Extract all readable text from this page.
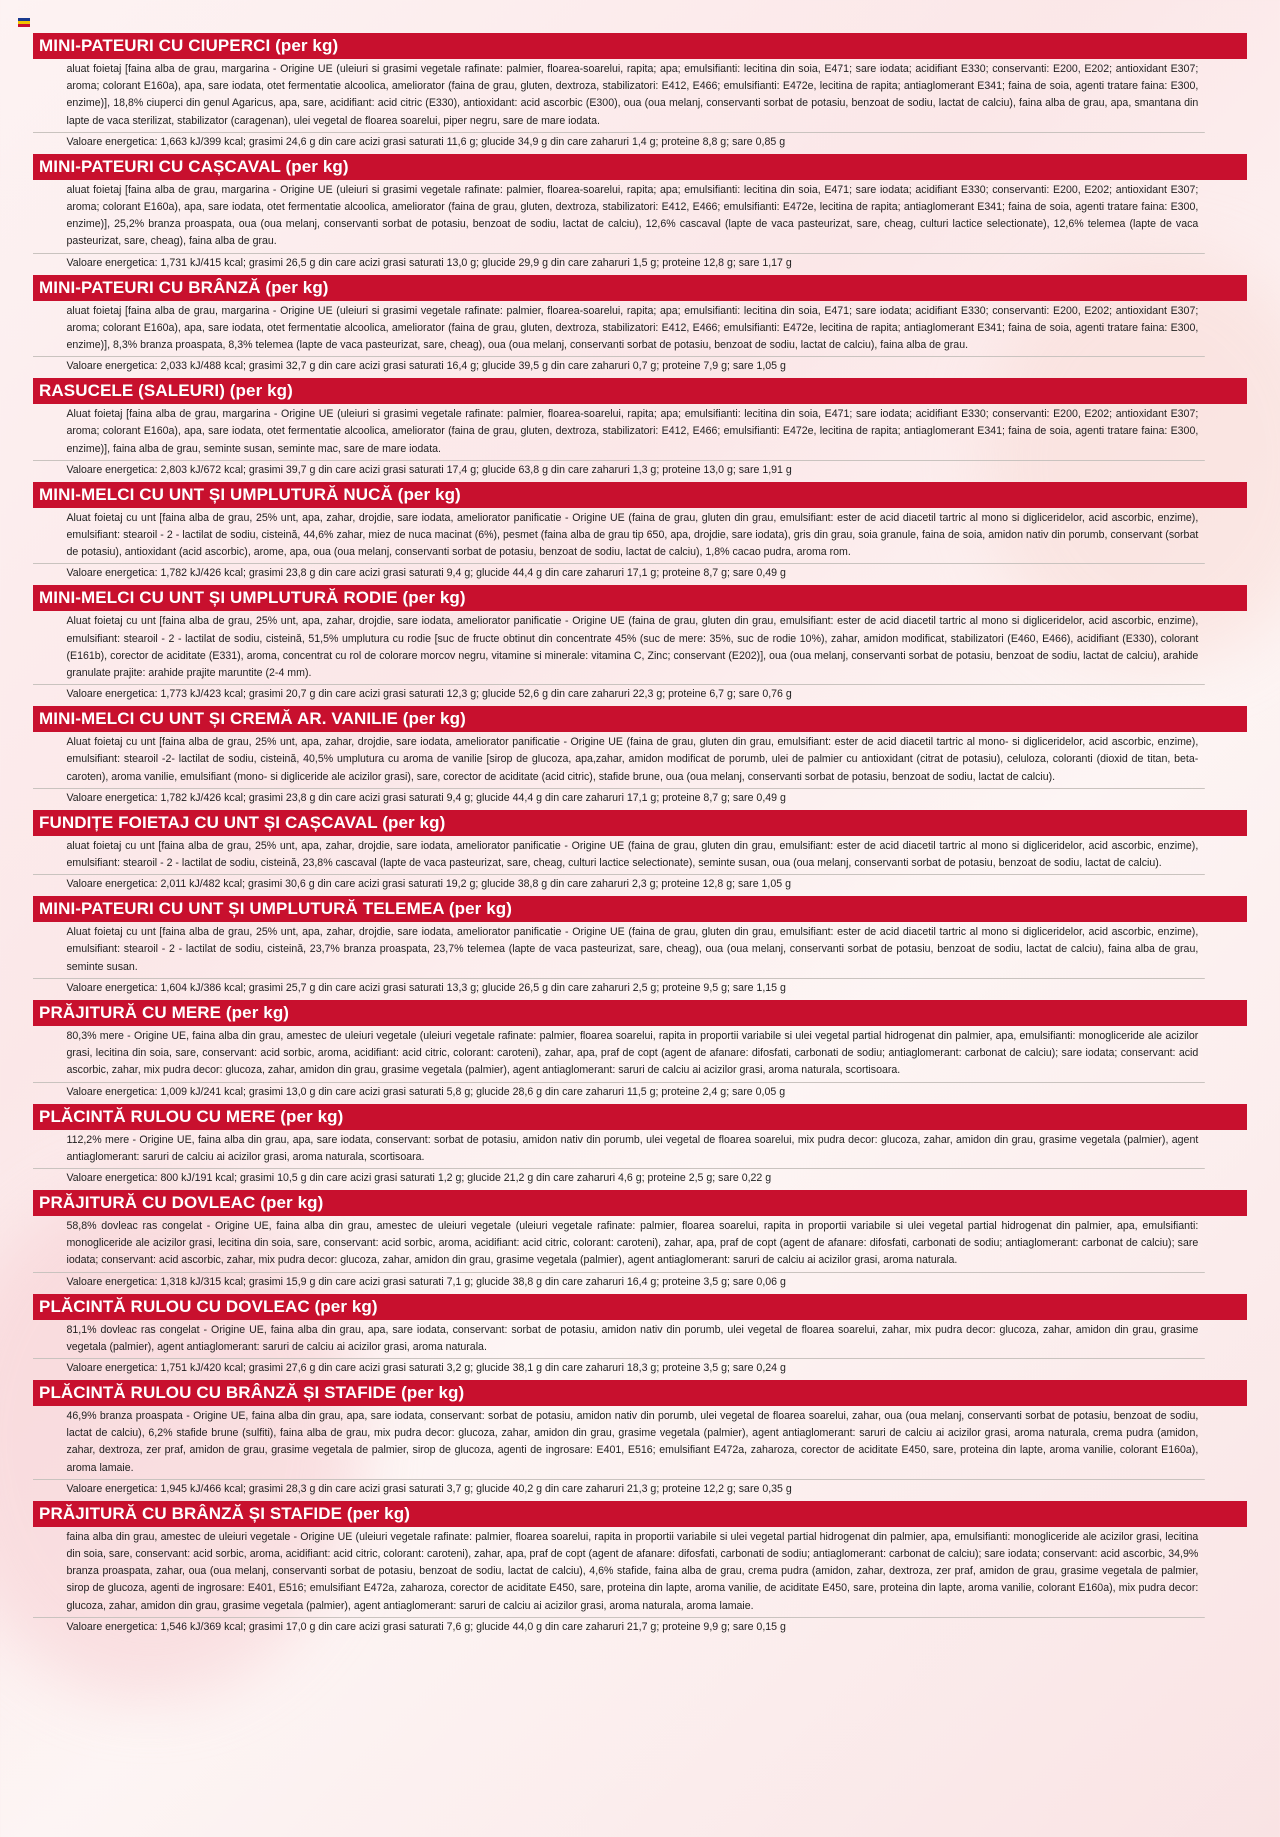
MINI-PATEURI CU CIUPERCI (per kg)
aluat foietaj [faina alba de grau, margarina - Origine UE (uleiuri si grasimi vegetale rafinate: palmier, floarea-soarelui, rapita; apa; emulsifianti: lecitina din soia, E471; sare iodata; acidifiant E330; conservanti: E200, E202; antioxidant E307; aroma; colorant E160a), apa, sare iodata, otet fermentatie alcoolica, ameliorator (faina de grau, gluten, dextroza, stabilizatori: E412, E466; emulsifianti: E472e, lecitina de rapita; antiaglomerant E341; faina de soia, agenti tratare faina: E300, enzime)], 18,8% ciuperci din genul Agaricus, apa, sare, acidifiant: acid citric (E330), antioxidant: acid ascorbic (E300), oua (oua melanj, conservanti sorbat de potasiu, benzoat de sodiu, lactat de calciu), faina alba de grau, apa, smantana din lapte de vaca sterilizat, stabilizator (caragenan), ulei vegetal de floarea soarelui, piper negru, sare de mare iodata.
Valoare energetica: 1,663 kJ/399 kcal; grasimi 24,6 g din care acizi grasi saturati 11,6 g; glucide 34,9 g din care zaharuri 1,4 g; proteine 8,8 g; sare 0,85 g
MINI-PATEURI CU CAȘCAVAL (per kg)
aluat foietaj [faina alba de grau, margarina - Origine UE (uleiuri si grasimi vegetale rafinate: palmier, floarea-soarelui, rapita; apa; emulsifianti: lecitina din soia, E471; sare iodata; acidifiant E330; conservanti: E200, E202; antioxidant E307; aroma; colorant E160a), apa, sare iodata, otet fermentatie alcoolica, ameliorator (faina de grau, gluten, dextroza, stabilizatori: E412, E466; emulsifianti: E472e, lecitina de rapita; antiaglomerant E341; faina de soia, agenti tratare faina: E300, enzime)], 25,2% branza proaspata, oua (oua melanj, conservanti sorbat de potasiu, benzoat de sodiu, lactat de calciu), 12,6% cascaval (lapte de vaca pasteurizat, sare, cheag, culturi lactice selectionate), 12,6% telemea (lapte de vaca pasteurizat, sare, cheag), faina alba de grau.
Valoare energetica: 1,731 kJ/415 kcal; grasimi 26,5 g din care acizi grasi saturati 13,0 g; glucide 29,9 g din care zaharuri 1,5 g; proteine 12,8 g; sare 1,17 g
MINI-PATEURI CU BRÂNZĂ (per kg)
aluat foietaj [faina alba de grau, margarina - Origine UE (uleiuri si grasimi vegetale rafinate: palmier, floarea-soarelui, rapita; apa; emulsifianti: lecitina din soia, E471; sare iodata; acidifiant E330; conservanti: E200, E202; antioxidant E307; aroma; colorant E160a), apa, sare iodata, otet fermentatie alcoolica, ameliorator (faina de grau, gluten, dextroza, stabilizatori: E412, E466; emulsifianti: E472e, lecitina de rapita; antiaglomerant E341; faina de soia, agenti tratare faina: E300, enzime)], 8,3% branza proaspata, 8,3% telemea (lapte de vaca pasteurizat, sare, cheag), oua (oua melanj, conservanti sorbat de potasiu, benzoat de sodiu, lactat de calciu), faina alba de grau.
Valoare energetica: 2,033 kJ/488 kcal; grasimi 32,7 g din care acizi grasi saturati 16,4 g; glucide 39,5 g din care zaharuri 0,7 g; proteine 7,9 g; sare 1,05 g
RASUCELE (SALEURI) (per kg)
Aluat foietaj [faina alba de grau, margarina - Origine UE (uleiuri si grasimi vegetale rafinate: palmier, floarea-soarelui, rapita; apa; emulsifianti: lecitina din soia, E471; sare iodata; acidifiant E330; conservanti: E200, E202; antioxidant E307; aroma; colorant E160a), apa, sare iodata, otet fermentatie alcoolica, ameliorator (faina de grau, gluten, dextroza, stabilizatori: E412, E466; emulsifianti: E472e, lecitina de rapita; antiaglomerant E341; faina de soia, agenti tratare faina: E300, enzime)], faina alba de grau, seminte susan, seminte mac, sare de mare iodata.
Valoare energetica: 2,803 kJ/672 kcal; grasimi 39,7 g din care acizi grasi saturati 17,4 g; glucide 63,8 g din care zaharuri 1,3 g; proteine 13,0 g; sare 1,91 g
MINI-MELCI CU UNT ȘI UMPLUTURĂ NUCĂ (per kg)
Aluat foietaj cu unt [faina alba de grau, 25% unt, apa, zahar, drojdie, sare iodata, ameliorator panificatie - Origine UE (faina de grau, gluten din grau, emulsifiant: ester de acid diacetil tartric al mono si digliceridelor, acid ascorbic, enzime), emulsifiant: stearoil - 2 - lactilat de sodiu, cisteină, 44,6% zahar, miez de nuca macinat (6%), pesmet (faina alba de grau tip 650, apa, drojdie, sare iodata), gris din grau, soia granule, faina de soia, amidon nativ din porumb, conservant (sorbat de potasiu), antioxidant (acid ascorbic), arome, apa, oua (oua melanj, conservanti sorbat de potasiu, benzoat de sodiu, lactat de calciu), 1,8% cacao pudra, aroma rom.
Valoare energetica: 1,782 kJ/426 kcal; grasimi 23,8 g din care acizi grasi saturati 9,4 g; glucide 44,4 g din care zaharuri 17,1 g; proteine 8,7 g; sare 0,49 g
MINI-MELCI CU UNT ȘI UMPLUTURĂ RODIE (per kg)
Aluat foietaj cu unt [faina alba de grau, 25% unt, apa, zahar, drojdie, sare iodata, ameliorator panificatie - Origine UE (faina de grau, gluten din grau, emulsifiant: ester de acid diacetil tartric al mono si digliceridelor, acid ascorbic, enzime), emulsifiant: stearoil - 2 - lactilat de sodiu, cisteină, 51,5% umplutura cu rodie [suc de fructe obtinut din concentrate 45% (suc de mere: 35%, suc de rodie 10%), zahar, amidon modificat, stabilizatori (E460, E466), acidifiant (E330), colorant (E161b), corector de aciditate (E331), aroma, concentrat cu rol de colorare morcov negru, vitamine si minerale: vitamina C, Zinc; conservant (E202)], oua (oua melanj, conservanti sorbat de potasiu, benzoat de sodiu, lactat de calciu), arahide granulate prajite: arahide prajite maruntite (2-4 mm).
Valoare energetica: 1,773 kJ/423 kcal; grasimi 20,7 g din care acizi grasi saturati 12,3 g; glucide 52,6 g din care zaharuri 22,3 g; proteine 6,7 g; sare 0,76 g
MINI-MELCI CU UNT ȘI CREMĂ AR. VANILIE (per kg)
Aluat foietaj cu unt [faina alba de grau, 25% unt, apa, zahar, drojdie, sare iodata, ameliorator panificatie - Origine UE (faina de grau, gluten din grau, emulsifiant: ester de acid diacetil tartric al mono- si digliceridelor, acid ascorbic, enzime), emulsifiant: stearoil -2- lactilat de sodiu, cisteină, 40,5% umplutura cu aroma de vanilie [sirop de glucoza, apa,zahar, amidon modificat de porumb, ulei de palmier cu antioxidant (citrat de potasiu), celuloza, coloranti (dioxid de titan, beta-caroten), aroma vanilie, emulsifiant (mono- si digliceride ale acizilor grasi), sare, corector de aciditate (acid citric), stafide brune, oua (oua melanj, conservanti sorbat de potasiu, benzoat de sodiu, lactat de calciu).
Valoare energetica: 1,782 kJ/426 kcal; grasimi 23,8 g din care acizi grasi saturati 9,4 g; glucide 44,4 g din care zaharuri 17,1 g; proteine 8,7 g; sare 0,49 g
FUNDIȚE FOIETAJ CU UNT ȘI CAȘCAVAL (per kg)
aluat foietaj cu unt [faina alba de grau, 25% unt, apa, zahar, drojdie, sare iodata, ameliorator panificatie - Origine UE (faina de grau, gluten din grau, emulsifiant: ester de acid diacetil tartric al mono si digliceridelor, acid ascorbic, enzime), emulsifiant: stearoil - 2 - lactilat de sodiu, cisteină, 23,8% cascaval (lapte de vaca pasteurizat, sare, cheag, culturi lactice selectionate), seminte susan, oua (oua melanj, conservanti sorbat de potasiu, benzoat de sodiu, lactat de calciu).
Valoare energetica: 2,011 kJ/482 kcal; grasimi 30,6 g din care acizi grasi saturati 19,2 g; glucide 38,8 g din care zaharuri 2,3 g; proteine 12,8 g; sare 1,05 g
MINI-PATEURI CU UNT ȘI UMPLUTURĂ TELEMEA (per kg)
Aluat foietaj cu unt [faina alba de grau, 25% unt, apa, zahar, drojdie, sare iodata, ameliorator panificatie - Origine UE (faina de grau, gluten din grau, emulsifiant: ester de acid diacetil tartric al mono si digliceridelor, acid ascorbic, enzime), emulsifiant: stearoil - 2 - lactilat de sodiu, cisteină, 23,7% branza proaspata, 23,7% telemea (lapte de vaca pasteurizat, sare, cheag), oua (oua melanj, conservanti sorbat de potasiu, benzoat de sodiu, lactat de calciu), faina alba de grau, seminte susan.
Valoare energetica: 1,604 kJ/386 kcal; grasimi 25,7 g din care acizi grasi saturati 13,3 g; glucide 26,5 g din care zaharuri 2,5 g; proteine 9,5 g; sare 1,15 g
PRĂJITURĂ CU MERE (per kg)
80,3% mere - Origine UE, faina alba din grau, amestec de uleiuri vegetale (uleiuri vegetale rafinate: palmier, floarea soarelui, rapita in proportii variabile si ulei vegetal partial hidrogenat din palmier, apa, emulsifianti: monogliceride ale acizilor grasi, lecitina din soia, sare, conservant: acid sorbic, aroma, acidifiant: acid citric, colorant: caroteni), zahar, apa, praf de copt (agent de afanare: difosfati, carbonati de sodiu; antiaglomerant: carbonat de calciu); sare iodata; conservant: acid ascorbic, zahar, mix pudra decor: glucoza, zahar, amidon din grau, grasime vegetala (palmier), agent antiaglomerant: saruri de calciu ai acizilor grasi, aroma naturala, scortisoara.
Valoare energetica: 1,009 kJ/241 kcal; grasimi 13,0 g din care acizi grasi saturati 5,8 g; glucide 28,6 g din care zaharuri 11,5 g; proteine 2,4 g; sare 0,05 g
PLĂCINTĂ RULOU CU MERE (per kg)
112,2% mere - Origine UE, faina alba din grau, apa, sare iodata, conservant: sorbat de potasiu, amidon nativ din porumb, ulei vegetal de floarea soarelui, mix pudra decor: glucoza, zahar, amidon din grau, grasime vegetala (palmier), agent antiaglomerant: saruri de calciu ai acizilor grasi, aroma naturala, scortisoara.
Valoare energetica: 800 kJ/191 kcal; grasimi 10,5 g din care acizi grasi saturati 1,2 g; glucide 21,2 g din care zaharuri 4,6 g; proteine 2,5 g; sare 0,22 g
PRĂJITURĂ CU DOVLEAC (per kg)
58,8% dovleac ras congelat - Origine UE, faina alba din grau, amestec de uleiuri vegetale (uleiuri vegetale rafinate: palmier, floarea soarelui, rapita in proportii variabile si ulei vegetal partial hidrogenat din palmier, apa, emulsifianti: monogliceride ale acizilor grasi, lecitina din soia, sare, conservant: acid sorbic, aroma, acidifiant: acid citric, colorant: caroteni), zahar, apa, praf de copt (agent de afanare: difosfati, carbonati de sodiu; antiaglomerant: carbonat de calciu); sare iodata; conservant: acid ascorbic, zahar, mix pudra decor: glucoza, zahar, amidon din grau, grasime vegetala (palmier), agent antiaglomerant: saruri de calciu ai acizilor grasi, aroma naturala.
Valoare energetica: 1,318 kJ/315 kcal; grasimi 15,9 g din care acizi grasi saturati 7,1 g; glucide 38,8 g din care zaharuri 16,4 g; proteine 3,5 g; sare 0,06 g
PLĂCINTĂ RULOU CU DOVLEAC (per kg)
81,1% dovleac ras congelat - Origine UE, faina alba din grau, apa, sare iodata, conservant: sorbat de potasiu, amidon nativ din porumb, ulei vegetal de floarea soarelui, zahar, mix pudra decor: glucoza, zahar, amidon din grau, grasime vegetala (palmier), agent antiaglomerant: saruri de calciu ai acizilor grasi, aroma naturala.
Valoare energetica: 1,751 kJ/420 kcal; grasimi 27,6 g din care acizi grasi saturati 3,2 g; glucide 38,1 g din care zaharuri 18,3 g; proteine 3,5 g; sare 0,24 g
PLĂCINTĂ RULOU CU BRÂNZĂ ȘI STAFIDE (per kg)
46,9% branza proaspata - Origine UE, faina alba din grau, apa, sare iodata, conservant: sorbat de potasiu, amidon nativ din porumb, ulei vegetal de floarea soarelui, zahar, oua (oua melanj, conservanti sorbat de potasiu, benzoat de sodiu, lactat de calciu), 6,2% stafide brune (sulfiti), faina alba de grau, mix pudra decor: glucoza, zahar, amidon din grau, grasime vegetala (palmier), agent antiaglomerant: saruri de calciu ai acizilor grasi, aroma naturala, crema pudra (amidon, zahar, dextroza, zer praf, amidon de grau, grasime vegetala de palmier, sirop de glucoza, agenti de ingrosare: E401, E516; emulsifiant E472a, zaharoza, corector de aciditate E450, sare, proteina din lapte, aroma vanilie, colorant E160a), aroma lamaie.
Valoare energetica: 1,945 kJ/466 kcal; grasimi 28,3 g din care acizi grasi saturati 3,7 g; glucide 40,2 g din care zaharuri 21,3 g; proteine 12,2 g; sare 0,35 g
PRĂJITURĂ CU BRÂNZĂ ȘI STAFIDE (per kg)
faina alba din grau, amestec de uleiuri vegetale - Origine UE (uleiuri vegetale rafinate: palmier, floarea soarelui, rapita in proportii variabile si ulei vegetal partial hidrogenat din palmier, apa, emulsifianti: monogliceride ale acizilor grasi, lecitina din soia, sare, conservant: acid sorbic, aroma, acidifiant: acid citric, colorant: caroteni), zahar, apa, praf de copt (agent de afanare: difosfati, carbonati de sodiu; antiaglomerant: carbonat de calciu); sare iodata; conservant: acid ascorbic, 34,9% branza proaspata, zahar, oua (oua melanj, conservanti sorbat de potasiu, benzoat de sodiu, lactat de calciu), 4,6% stafide, faina alba de grau, crema pudra (amidon, zahar, dextroza, zer praf, amidon de grau, grasime vegetala de palmier, sirop de glucoza, agenti de ingrosare: E401, E516; emulsifiant E472a, zaharoza, corector de aciditate E450, sare, proteina din lapte, aroma vanilie, de aciditate E450, sare, proteina din lapte, aroma vanilie, colorant E160a), mix pudra decor: glucoza, zahar, amidon din grau, grasime vegetala (palmier), agent antiaglomerant: saruri de calciu ai acizilor grasi, aroma naturala, aroma lamaie.
Valoare energetica: 1,546 kJ/369 kcal; grasimi 17,0 g din care acizi grasi saturati 7,6 g; glucide 44,0 g din care zaharuri 21,7 g; proteine 9,9 g; sare 0,15 g
